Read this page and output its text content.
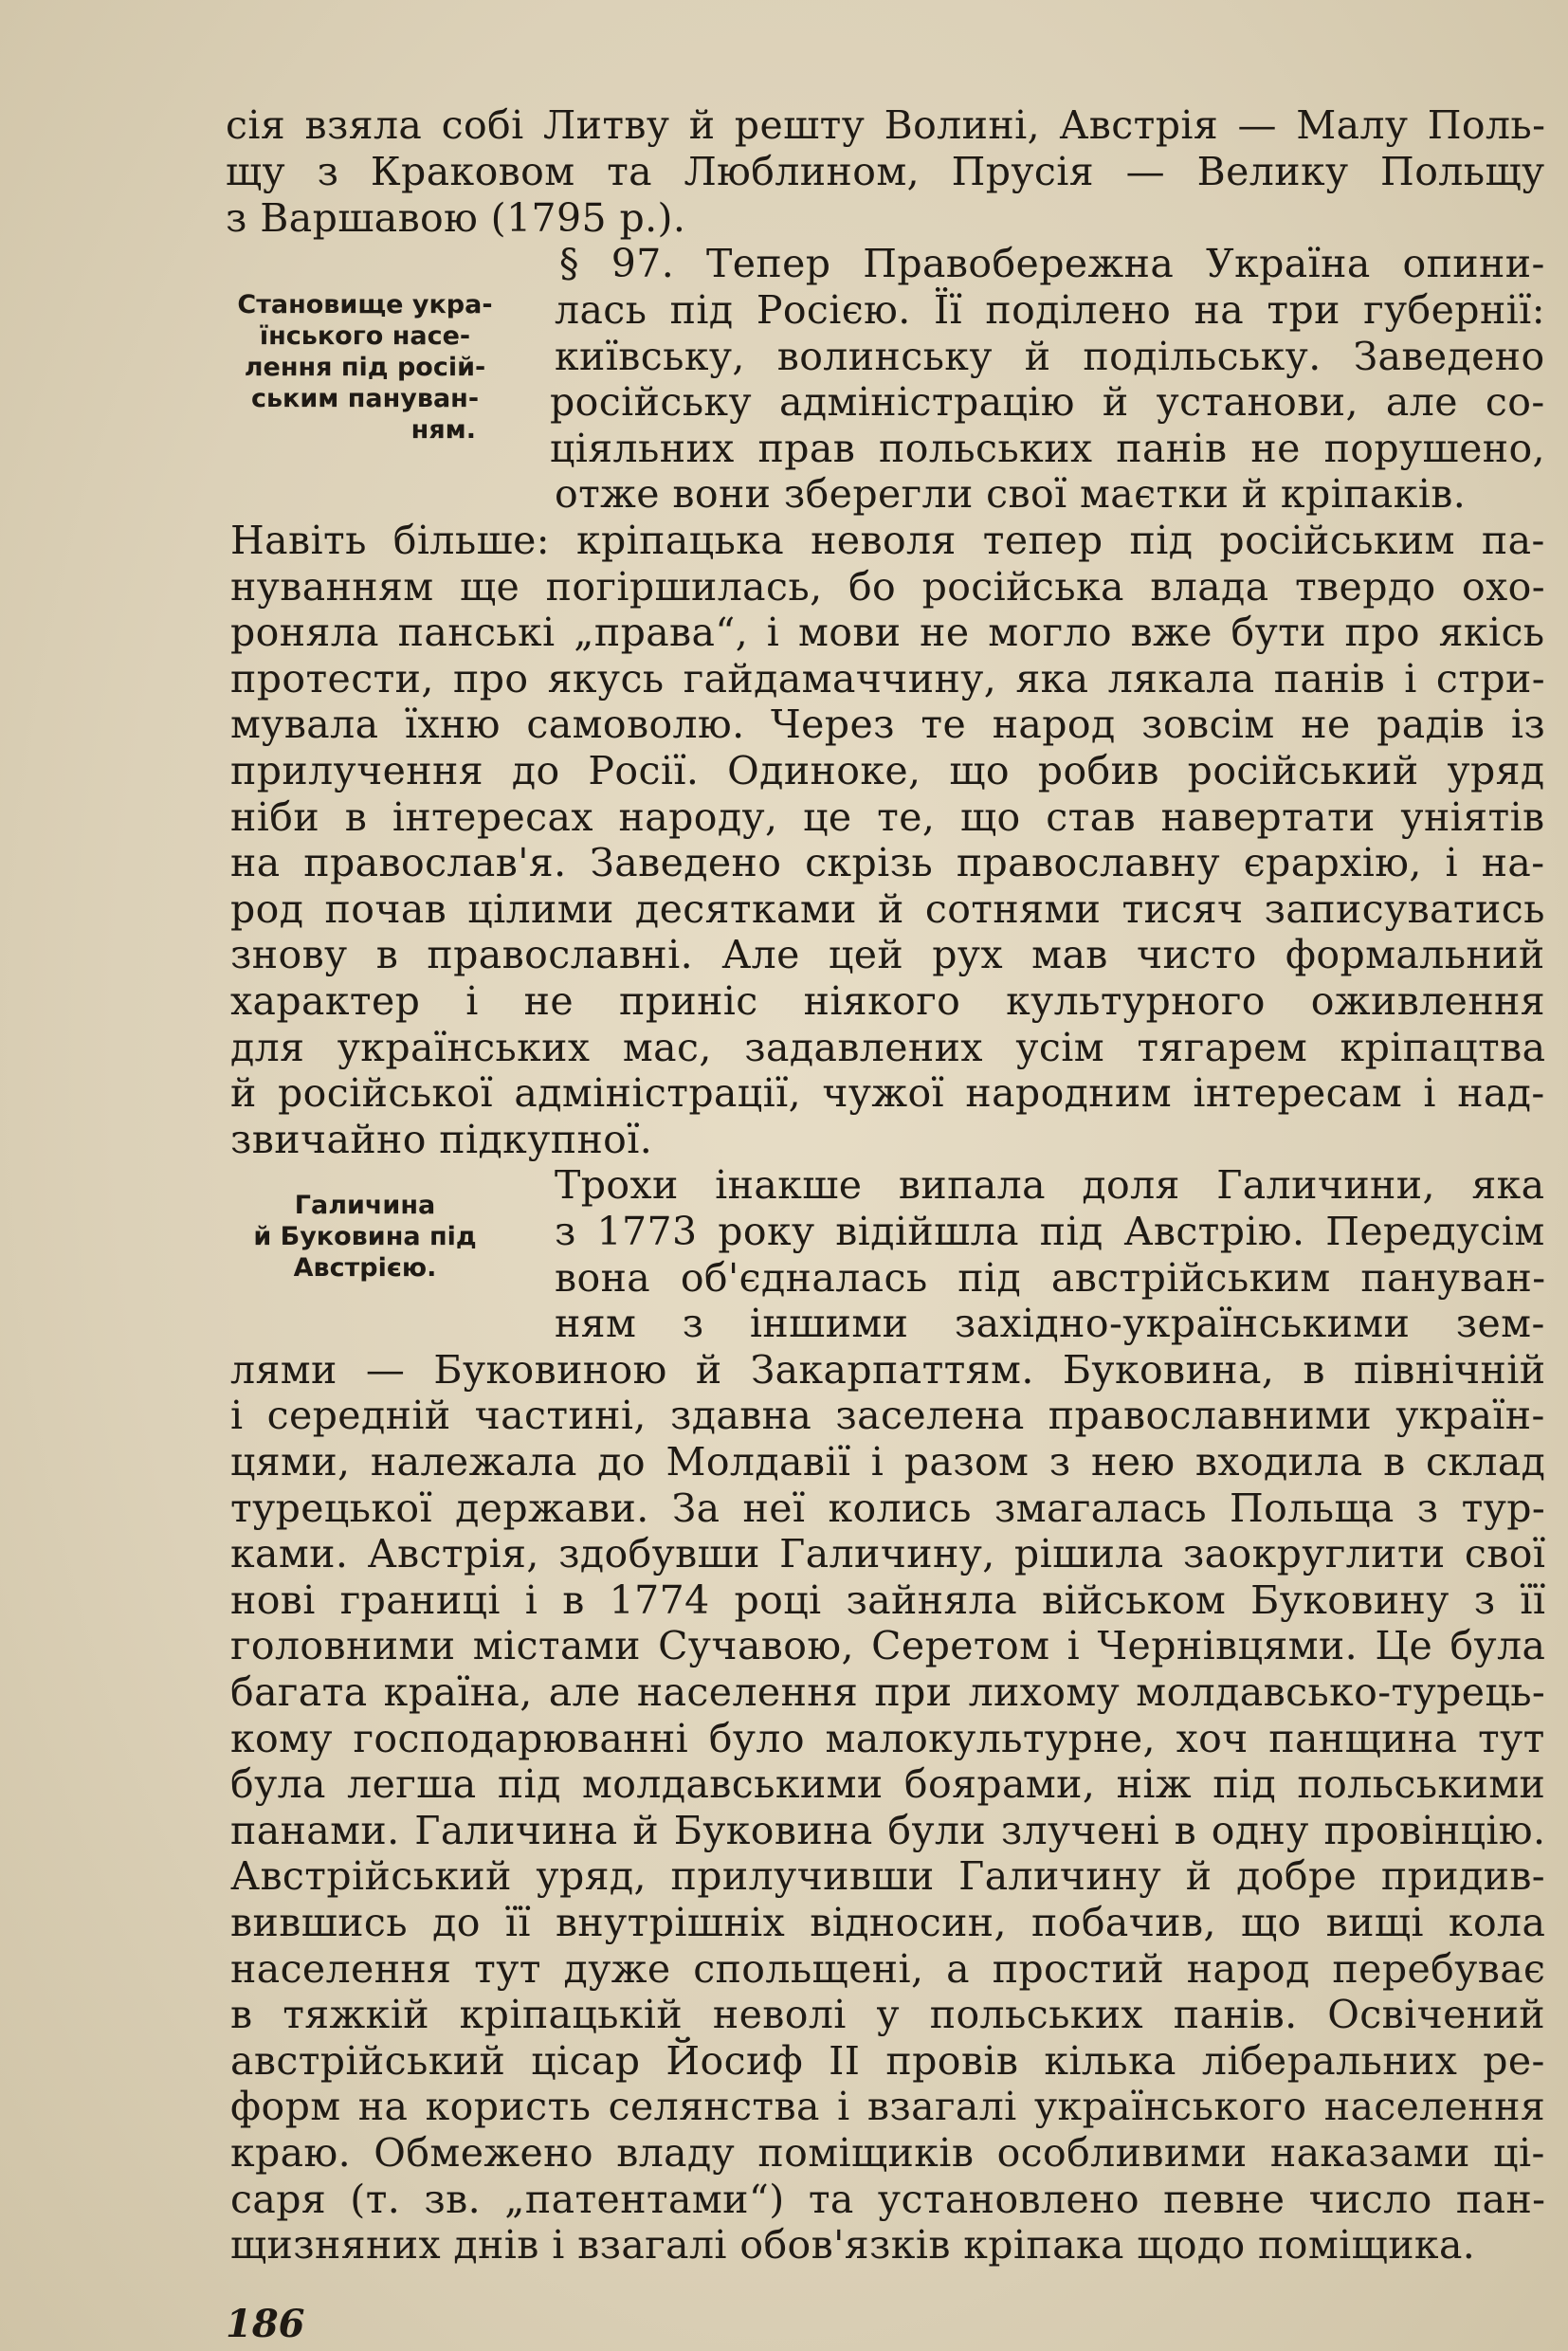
Становище укра-
їнського насе-
лення під росій-
ським пануван-
ням.
Галичина
й Буковина під
Австрією.
сія взяла собі Литву й решту Волині, Австрія — Малу Поль-
щу з Краковом та Люблином, Прусія — Велику Польщу
з Варшавою (1795 р.).
§ 97. Тепер Правобережна Україна опини-
лась під Росією. Її поділено на три губернії:
київську, волинську й подільську. Заведено
російську адміністрацію й установи, але со-
ціяльних прав польських панів не порушено,
отже вони зберегли свої маєтки й кріпаків.
Навіть більше: кріпацька неволя тепер під російським па-
нуванням ще погіршилась, бо російська влада твердо охо-
роняла панські „права“, і мови не могло вже бути про якісь
протести, про якусь гайдамаччину, яка лякала панів і стри-
мувала їхню самоволю. Через те народ зовсім не радів із
прилучення до Росії. Одиноке, що робив російський уряд
ніби в інтересах народу, це те, що став навертати уніятів
на православ'я. Заведено скрізь православну єрархію, і на-
род почав цілими десятками й сотнями тисяч записуватись
знову в православні. Але цей рух мав чисто формальний
характер і не приніс ніякого культурного оживлення
для українських мас, задавлених усім тягарем кріпацтва
й російської адміністрації, чужої народним інтересам і над-
звичайно підкупної.
Трохи інакше випала доля Галичини, яка
з 1773 року відійшла під Австрію. Передусім
вона об'єдналась під австрійським пануван-
ням з іншими західно-українськими зем-
лями — Буковиною й Закарпаттям. Буковина, в північній
і середній частині, здавна заселена православними україн-
цями, належала до Молдавії і разом з нею входила в склад
турецької держави. За неї колись змагалась Польща з тур-
ками. Австрія, здобувши Галичину, рішила заокруглити свої
нові границі і в 1774 році зайняла військом Буковину з її
головними містами Сучавою, Серетом і Чернівцями. Це була
багата країна, але населення при лихому молдавсько-турець-
кому господарюванні було малокультурне, хоч панщина тут
була легша під молдавськими боярами, ніж під польськими
панами. Галичина й Буковина були злучені в одну провінцію.
Австрійський уряд, прилучивши Галичину й добре придив-
вившись до її внутрішніх відносин, побачив, що вищі кола
населення тут дуже спольщені, а простий народ перебуває
в тяжкій кріпацькій неволі у польських панів. Освічений
австрійський цісар Йосиф II провів кілька ліберальних ре-
форм на користь селянства і взагалі українського населення
краю. Обмежено владу поміщиків особливими наказами ці-
саря (т. зв. „патентами“) та установлено певне число пан-
щизняних днів і взагалі обов'язків кріпака щодо поміщика.
186
